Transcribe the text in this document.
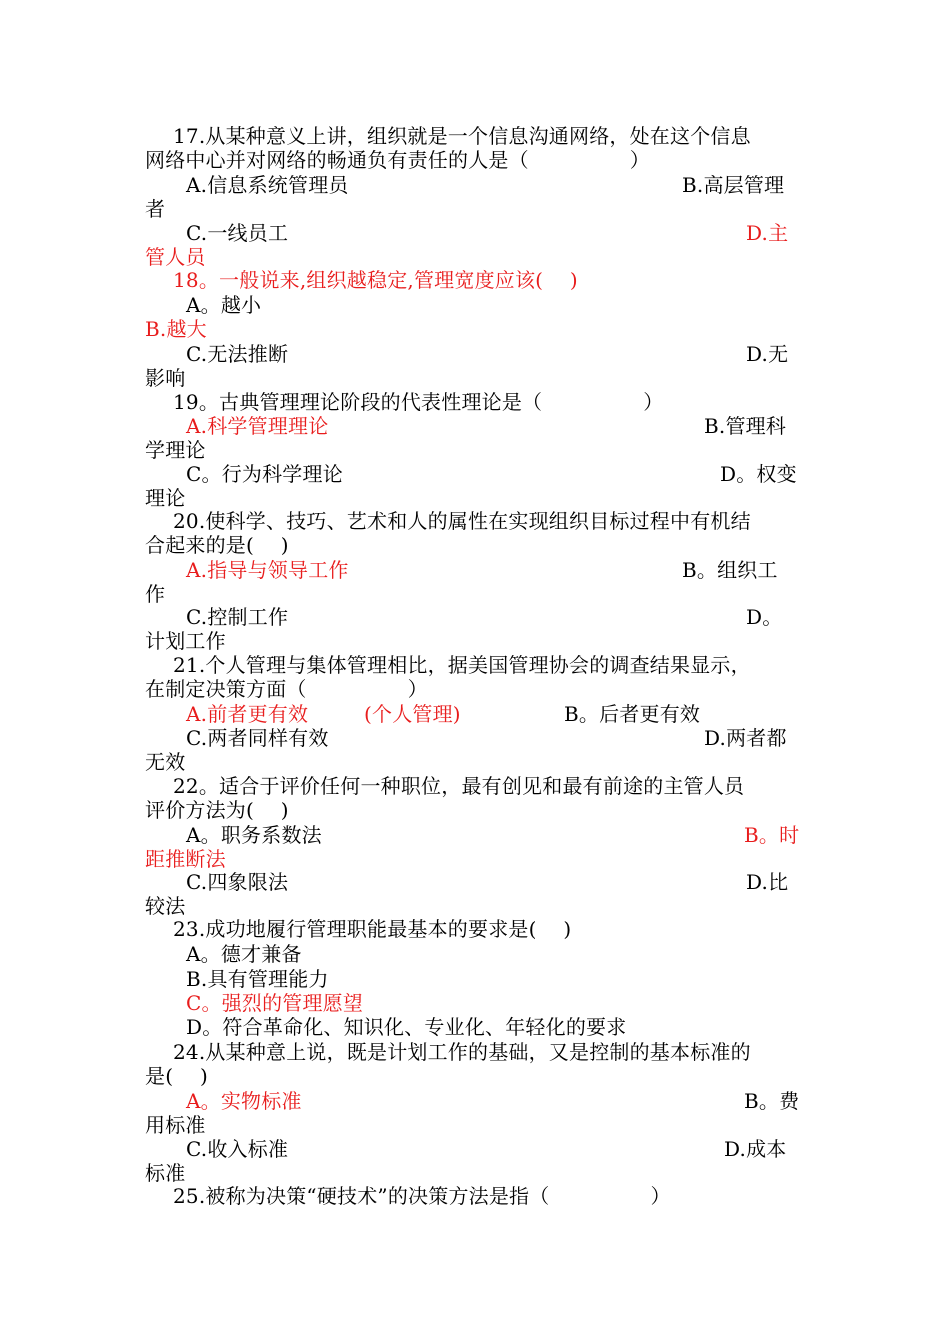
17.从某种意义上讲，组织就是一个信息沟通网络，处在这个信息
网络中心并对网络的畅通负有责任的人是（　　　　　）
A.信息系统管理员	B.高层管理
者
C.一线员工	D.主
管人员
18。一般说来,组织越稳定,管理宽度应该(　 )
A。越小
B.越大
C.无法推断	D.无
影响
19。古典管理理论阶段的代表性理论是（　　　　　）
A.科学管理理论	B.管理科
学理论
C。行为科学理论	D。权变
理论
20.使科学、技巧、艺术和人的属性在实现组织目标过程中有机结
合起来的是(　 )
A.指导与领导工作	B。组织工
作
C.控制工作	D。
计划工作
21.个人管理与集体管理相比，据美国管理协会的调查结果显示，
在制定决策方面（　　　　　）
A.前者更有效	(个人管理)	B。后者更有效
C.两者同样有效	D.两者都
无效
22。适合于评价任何一种职位，最有创见和最有前途的主管人员
评价方法为(　 )
A。职务系数法	B。时
距推断法
C.四象限法	D.比
较法
23.成功地履行管理职能最基本的要求是(　 )
A。德才兼备
B.具有管理能力
C。强烈的管理愿望
D。符合革命化、知识化、专业化、年轻化的要求
24.从某种意上说，既是计划工作的基础，又是控制的基本标准的
是(　 )
A。实物标准	B。费
用标准
C.收入标准	D.成本
标准
25.被称为决策“硬技术”的决策方法是指（　　　　　）
